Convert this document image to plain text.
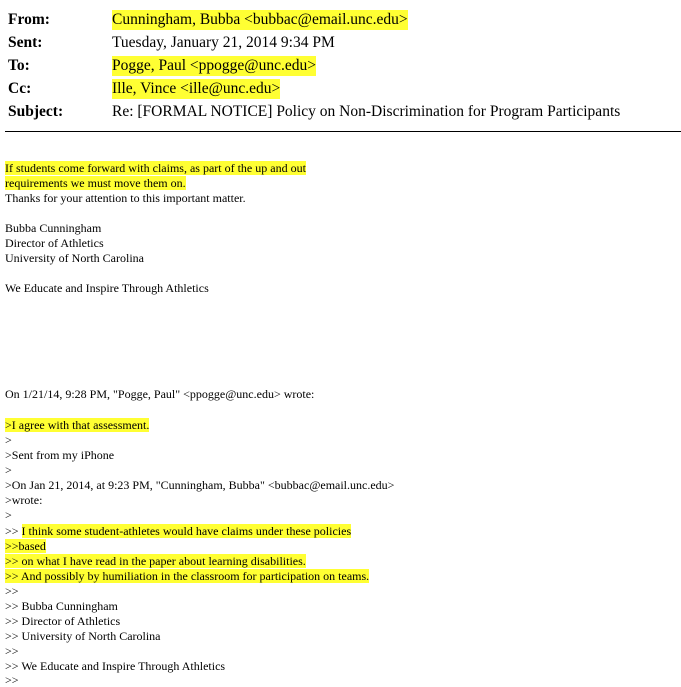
From:	Cunningham, Bubba <bubbac@email.unc.edu>
Sent:	Tuesday, January 21, 2014 9:34 PM
To:	Pogge, Paul <ppogge@unc.edu>
Cc:	Ille, Vince <ille@unc.edu>
Subject:	Re: [FORMAL NOTICE] Policy on Non-Discrimination for Program Participants
If students come forward with claims, as part of the up and out
requirements we must move them on.
Thanks for your attention to this important matter.
Bubba Cunningham
Director of Athletics
University of North Carolina
We Educate and Inspire Through Athletics
On 1/21/14, 9:28 PM, "Pogge, Paul" <ppogge@unc.edu> wrote:
>I agree with that assessment.
>
>Sent from my iPhone
>
>On Jan 21, 2014, at 9:23 PM, "Cunningham, Bubba" <bubbac@email.unc.edu>
>wrote:
>
>> I think some student-athletes would have claims under these policies
>>based
>> on what I have read in the paper about learning disabilities.
>> And possibly by humiliation in the classroom for participation on teams.
>>
>> Bubba Cunningham
>> Director of Athletics
>> University of North Carolina
>>
>> We Educate and Inspire Through Athletics
>>
